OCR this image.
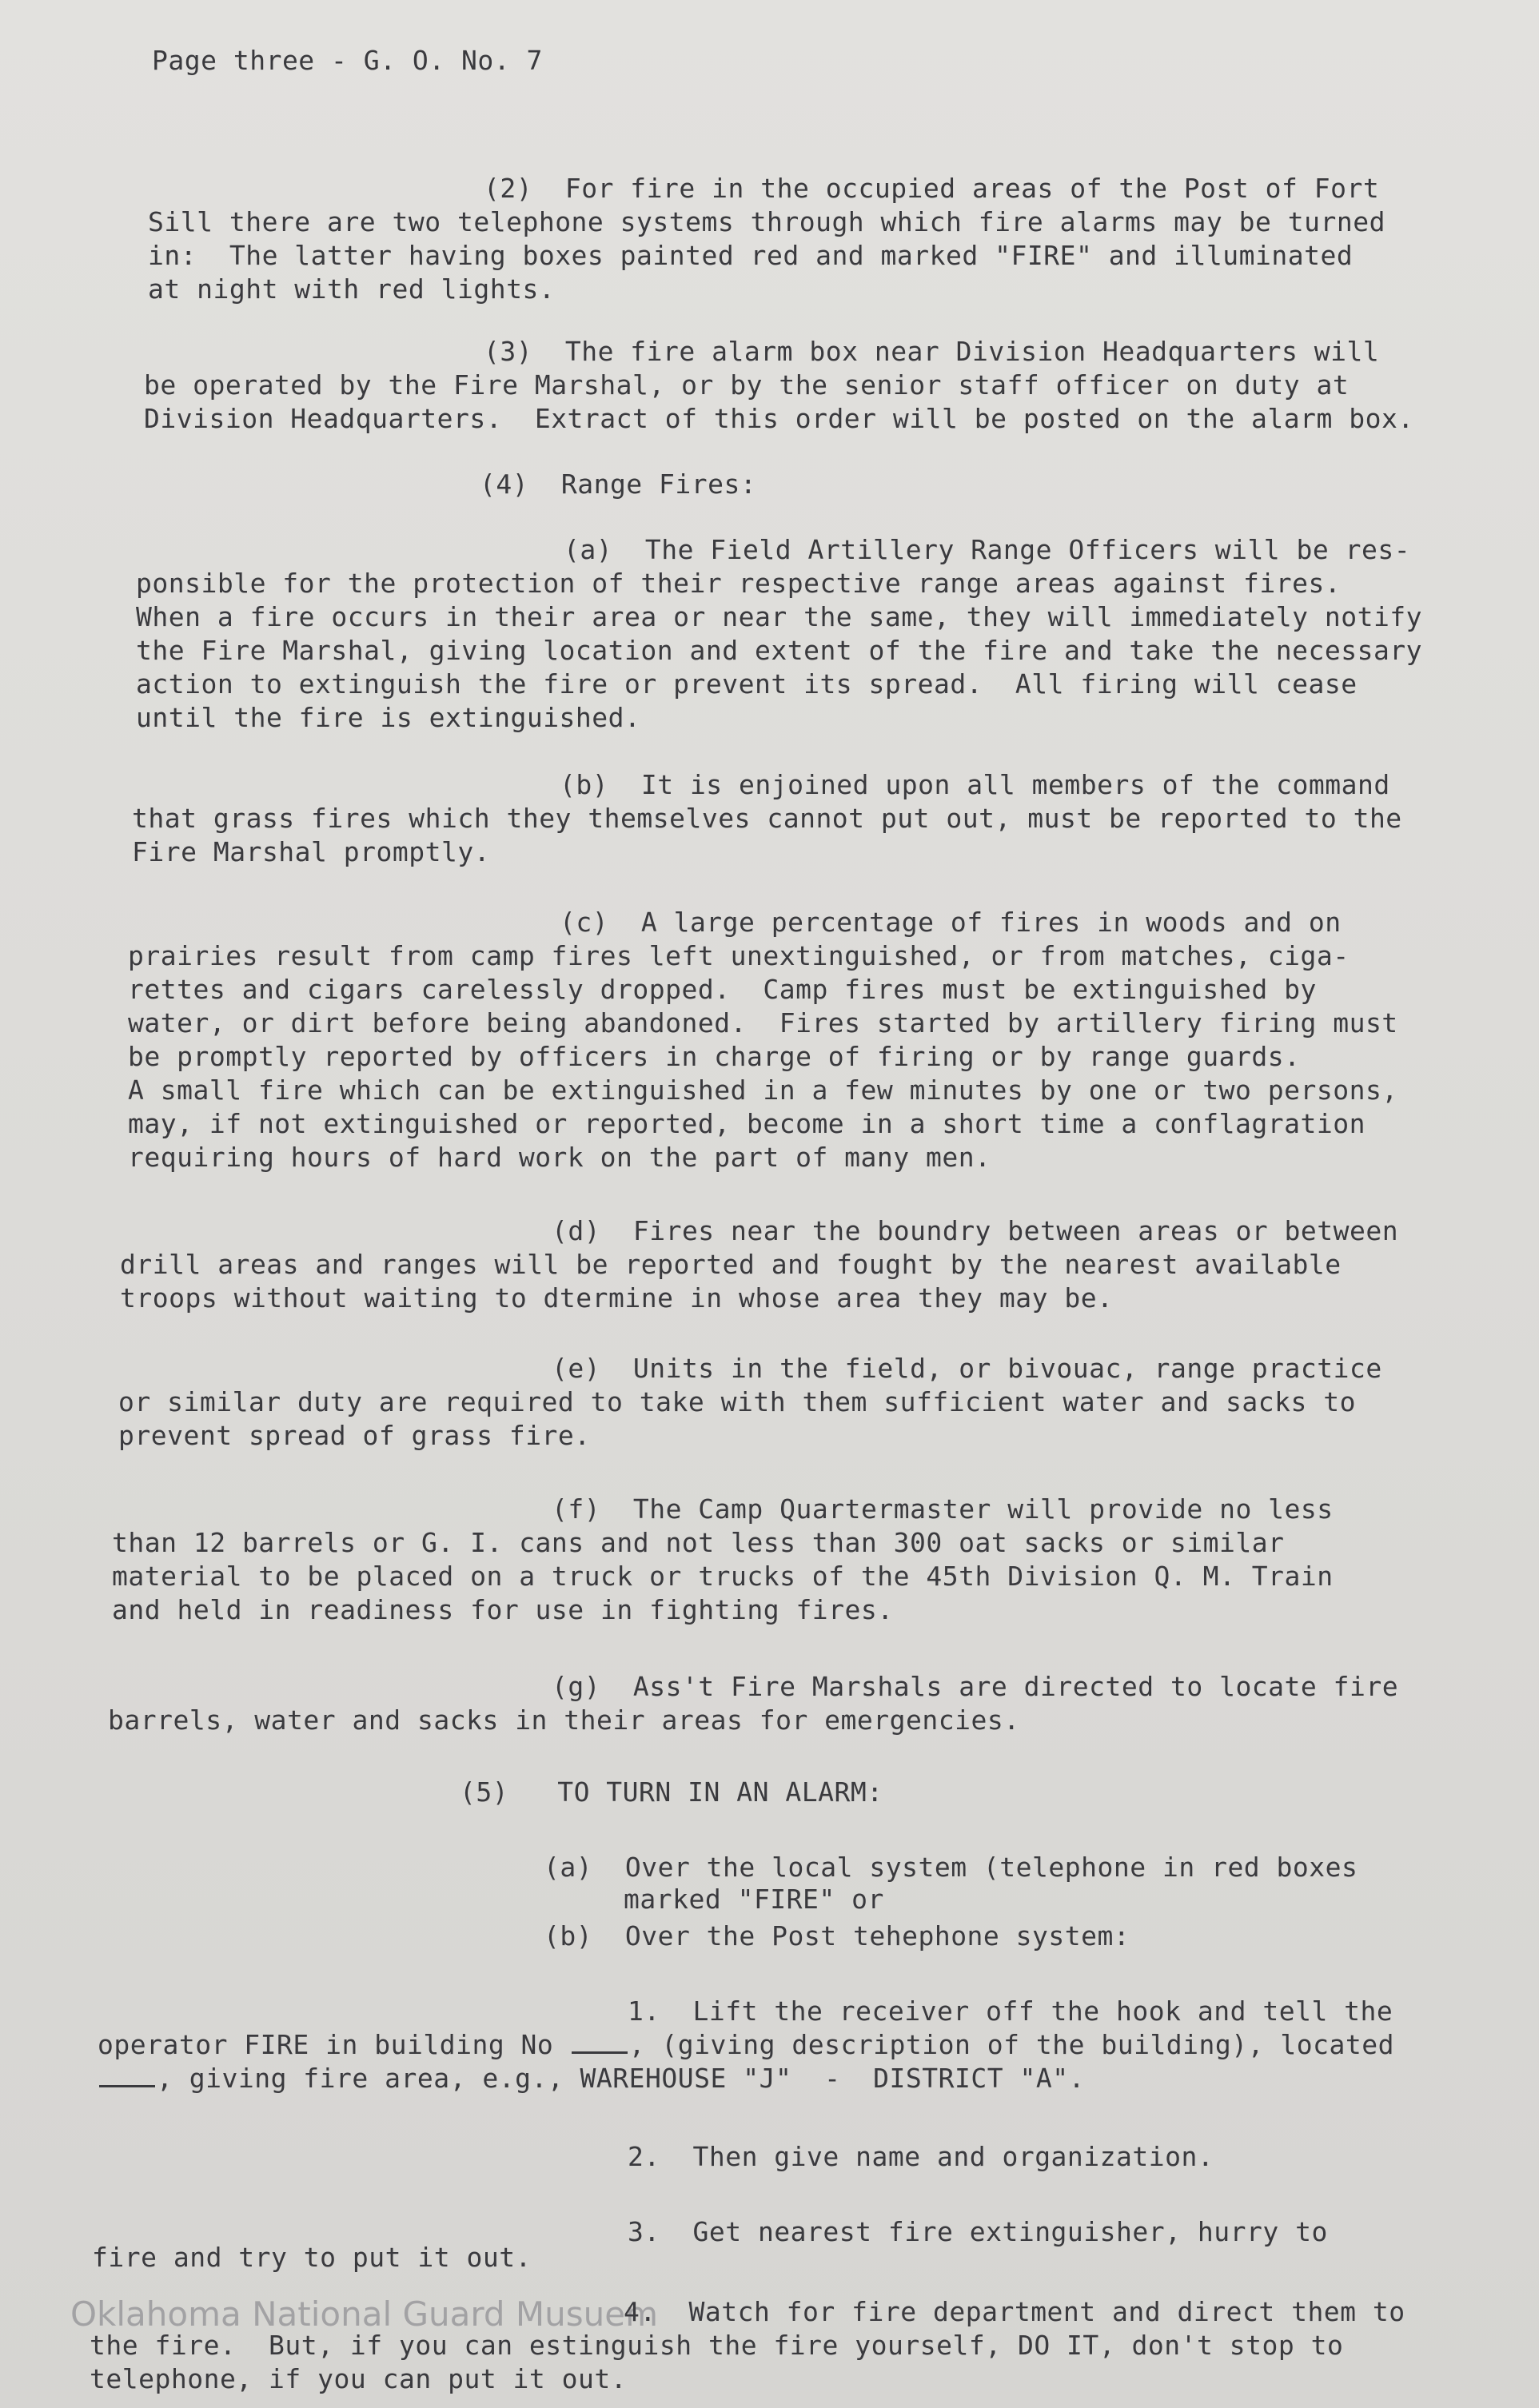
Page three - G. O. No. 7
(2)  For fire in the occupied areas of the Post of Fort
Sill there are two telephone systems through which fire alarms may be turned
in:  The latter having boxes painted red and marked "FIRE" and illuminated
at night with red lights.
(3)  The fire alarm box near Division Headquarters will
be operated by the Fire Marshal, or by the senior staff officer on duty at
Division Headquarters.  Extract of this order will be posted on the alarm box.
(4)  Range Fires:
(a)  The Field Artillery Range Officers will be res-
ponsible for the protection of their respective range areas against fires.
When a fire occurs in their area or near the same, they will immediately notify
the Fire Marshal, giving location and extent of the fire and take the necessary
action to extinguish the fire or prevent its spread.  All firing will cease
until the fire is extinguished.
(b)  It is enjoined upon all members of the command
that grass fires which they themselves cannot put out, must be reported to the
Fire Marshal promptly.
(c)  A large percentage of fires in woods and on
prairies result from camp fires left unextinguished, or from matches, ciga-
rettes and cigars carelessly dropped.  Camp fires must be extinguished by
water, or dirt before being abandoned.  Fires started by artillery firing must
be promptly reported by officers in charge of firing or by range guards.
A small fire which can be extinguished in a few minutes by one or two persons,
may, if not extinguished or reported, become in a short time a conflagration
requiring hours of hard work on the part of many men.
(d)  Fires near the boundry between areas or between
drill areas and ranges will be reported and fought by the nearest available
troops without waiting to dtermine in whose area they may be.
(e)  Units in the field, or bivouac, range practice
or similar duty are required to take with them sufficient water and sacks to
prevent spread of grass fire.
(f)  The Camp Quartermaster will provide no less
than 12 barrels or G. I. cans and not less than 300 oat sacks or similar
material to be placed on a truck or trucks of the 45th Division Q. M. Train
and held in readiness for use in fighting fires.
(g)  Ass't Fire Marshals are directed to locate fire
barrels, water and sacks in their areas for emergencies.
(5)   TO TURN IN AN ALARM:
(a)  Over the local system (telephone in red boxes
marked "FIRE" or
(b)  Over the Post tehephone system:
1.  Lift the receiver off the hook and tell the
operator FIRE in building No , (giving description of the building), located
, giving fire area, e.g., WAREHOUSE "J"  -  DISTRICT "A".
2.  Then give name and organization.
3.  Get nearest fire extinguisher, hurry to
fire and try to put it out.
Oklahoma National Guard Musuem
4.  Watch for fire department and direct them to
the fire.  But, if you can estinguish the fire yourself, DO IT, don't stop to
telephone, if you can put it out.
